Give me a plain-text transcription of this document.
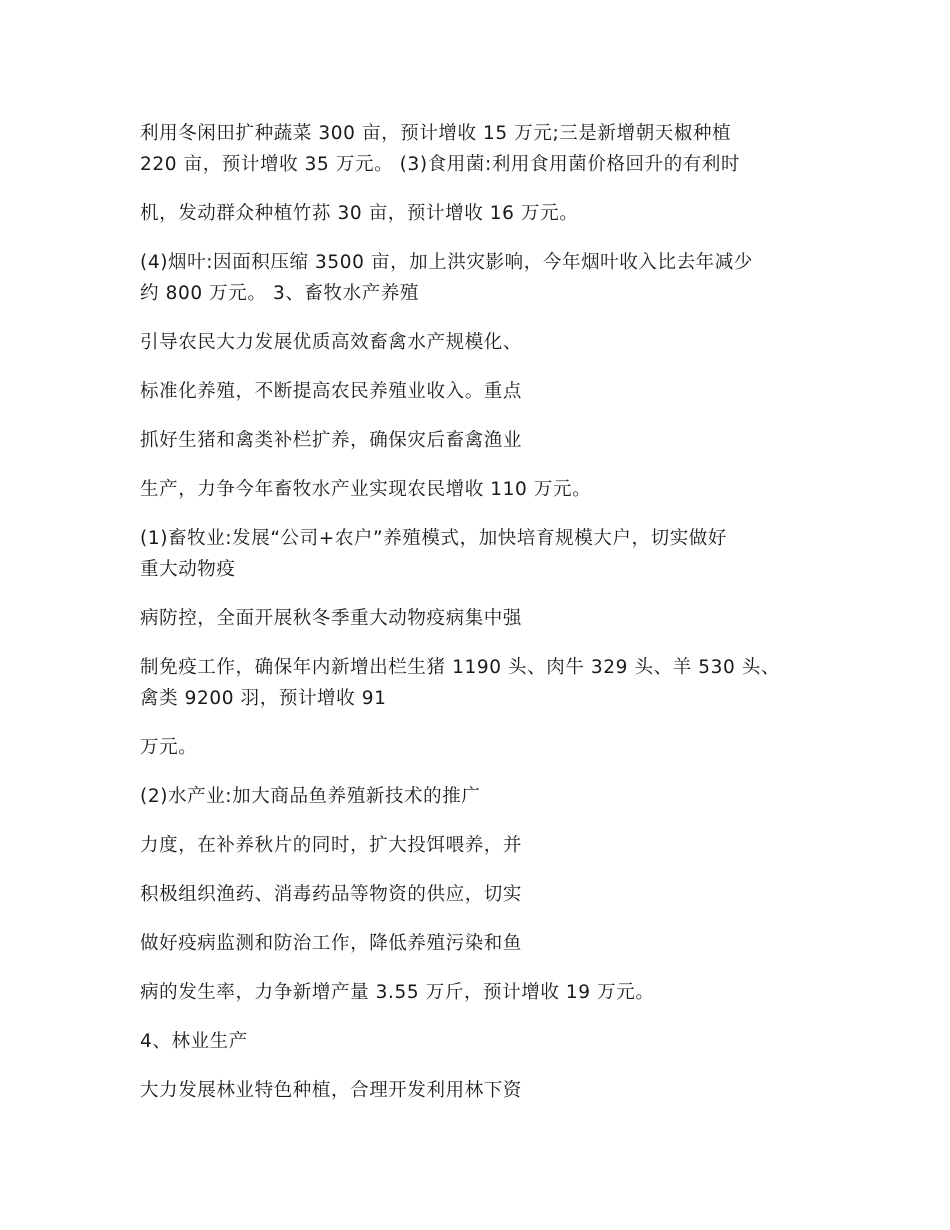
利用冬闲田扩种蔬菜 300 亩，预计增收 15 万元;三是新增朝天椒种植
220 亩，预计增收 35 万元。 (3)食用菌:利用食用菌价格回升的有利时

机，发动群众种植竹荪 30 亩，预计增收 16 万元。

(4)烟叶:因面积压缩 3500 亩，加上洪灾影响，今年烟叶收入比去年减少
约 800 万元。 3、畜牧水产养殖

引导农民大力发展优质高效畜禽水产规模化、

标准化养殖，不断提高农民养殖业收入。重点

抓好生猪和禽类补栏扩养，确保灾后畜禽渔业

生产，力争今年畜牧水产业实现农民增收 110 万元。

(1)畜牧业:发展“公司+农户”养殖模式，加快培育规模大户，切实做好
重大动物疫

病防控，全面开展秋冬季重大动物疫病集中强

制免疫工作，确保年内新增出栏生猪 1190 头、肉牛 329 头、羊 530 头、
禽类 9200 羽，预计增收 91

万元。

(2)水产业:加大商品鱼养殖新技术的推广

力度，在补养秋片的同时，扩大投饵喂养，并

积极组织渔药、消毒药品等物资的供应，切实

做好疫病监测和防治工作，降低养殖污染和鱼

病的发生率，力争新增产量 3.55 万斤，预计增收 19 万元。

4、林业生产

大力发展林业特色种植，合理开发利用林下资
